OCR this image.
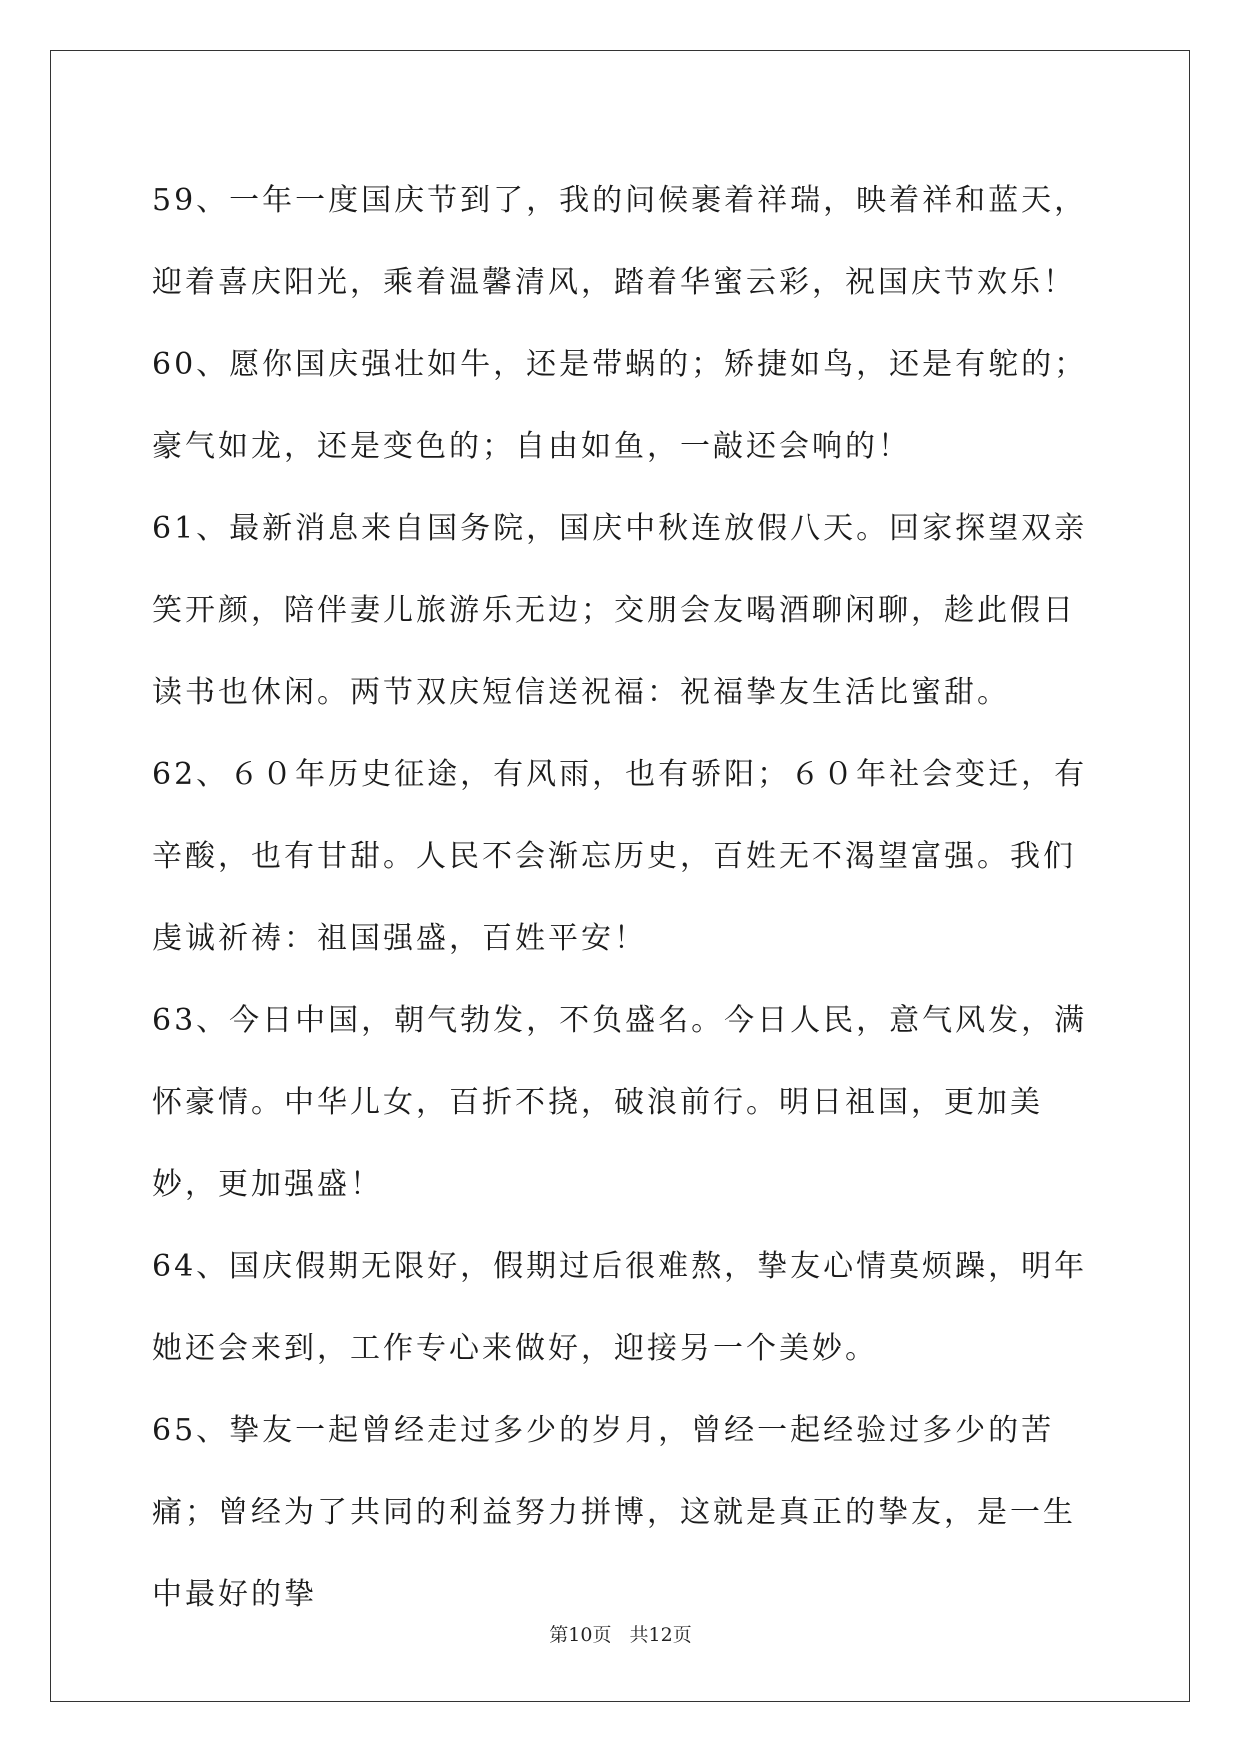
59、一年一度国庆节到了，我的问候裹着祥瑞，映着祥和蓝天，迎着喜庆阳光，乘着温馨清风，踏着华蜜云彩，祝国庆节欢乐！

60、愿你国庆强壮如牛，还是带蜗的；矫捷如鸟，还是有鸵的；豪气如龙，还是变色的；自由如鱼，一敲还会响的！

61、最新消息来自国务院，国庆中秋连放假八天。回家探望双亲笑开颜，陪伴妻儿旅游乐无边；交朋会友喝酒聊闲聊，趁此假日读书也休闲。两节双庆短信送祝福：祝福挚友生活比蜜甜。

62、６０年历史征途，有风雨，也有骄阳；６０年社会变迁，有辛酸，也有甘甜。人民不会渐忘历史，百姓无不渴望富强。我们虔诚祈祷：祖国强盛，百姓平安！

63、今日中国，朝气勃发，不负盛名。今日人民，意气风发，满怀豪情。中华儿女，百折不挠，破浪前行。明日祖国，更加美妙，更加强盛！

64、国庆假期无限好，假期过后很难熬，挚友心情莫烦躁，明年她还会来到，工作专心来做好，迎接另一个美妙。

65、挚友一起曾经走过多少的岁月，曾经一起经验过多少的苦痛；曾经为了共同的利益努力拼博，这就是真正的挚友，是一生中最好的挚

第10页 共12页
